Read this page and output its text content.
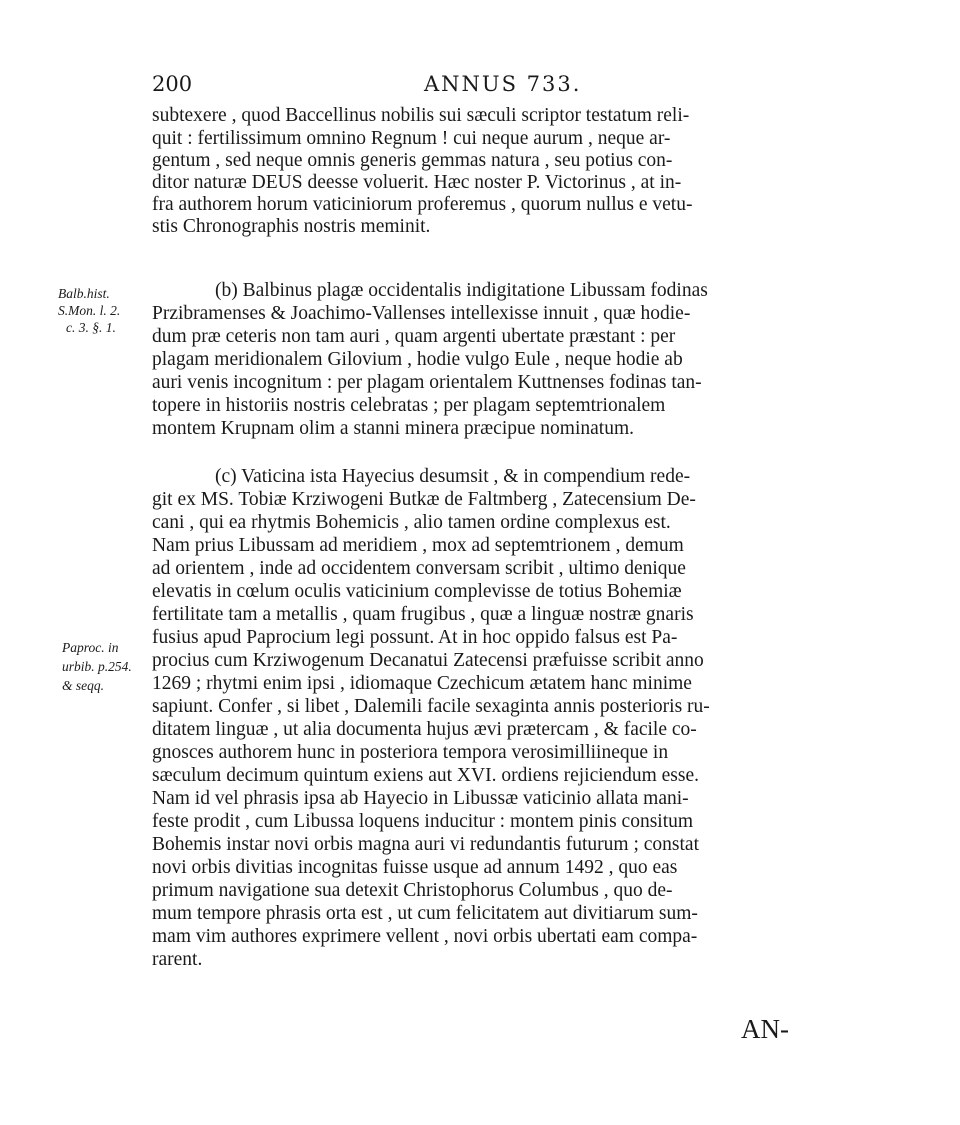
200	ANNUS 733.
Balb.hist.
S.Mon. l. 2.
c. 3. §. 1.
Paproc. in
urbib. p.254.
& seqq.
subtexere , quod Baccellinus nobilis sui sæculi scriptor testatum reli-
quit : fertilissimum omnino Regnum ! cui neque aurum , neque ar-
gentum , sed neque omnis generis gemmas natura , seu potius con-
ditor naturæ DEUS deesse voluerit. Hæc noster P. Victorinus , at in-
fra authorem horum vaticiniorum proferemus , quorum nullus e vetu-
stis Chronographis nostris meminit.
(b) Balbinus plagæ occidentalis indigitatione Libussam fodinas
Przibramenses & Joachimo-Vallenses intellexisse innuit , quæ hodie-
dum præ ceteris non tam auri , quam argenti ubertate præstant : per
plagam meridionalem Gilovium , hodie vulgo Eule , neque hodie ab
auri venis incognitum : per plagam orientalem Kuttnenses fodinas tan-
topere in historiis nostris celebratas ; per plagam septemtrionalem
montem Krupnam olim a stanni minera præcipue nominatum.
(c) Vaticina ista Hayecius desumsit , & in compendium rede-
git ex MS. Tobiæ Krziwogeni Butkæ de Faltmberg , Zatecensium De-
cani , qui ea rhytmis Bohemicis , alio tamen ordine complexus est.
Nam prius Libussam ad meridiem , mox ad septemtrionem , demum
ad orientem , inde ad occidentem conversam scribit , ultimo denique
elevatis in cœlum oculis vaticinium complevisse de totius Bohemiæ
fertilitate tam a metallis , quam frugibus , quæ a linguæ nostræ gnaris
fusius apud Paprocium legi possunt. At in hoc oppido falsus est Pa-
procius cum Krziwogenum Decanatui Zatecensi præfuisse scribit anno
1269 ; rhytmi enim ipsi , idiomaque Czechicum ætatem hanc minime
sapiunt. Confer , si libet , Dalemili facile sexaginta annis posterioris ru-
ditatem linguæ , ut alia documenta hujus ævi prætercam , & facile co-
gnosces authorem hunc in posteriora tempora verosimilliineque in
sæculum decimum quintum exiens aut XVI. ordiens rejiciendum esse.
Nam id vel phrasis ipsa ab Hayecio in Libussæ vaticinio allata mani-
feste prodit , cum Libussa loquens inducitur : montem pinis consitum
Bohemis instar novi orbis magna auri vi redundantis futurum ; constat
novi orbis divitias incognitas fuisse usque ad annum 1492 , quo eas
primum navigatione sua detexit Christophorus Columbus , quo de-
mum tempore phrasis orta est , ut cum felicitatem aut divitiarum sum-
mam vim authores exprimere vellent , novi orbis ubertati eam compa-
rarent.
AN-
